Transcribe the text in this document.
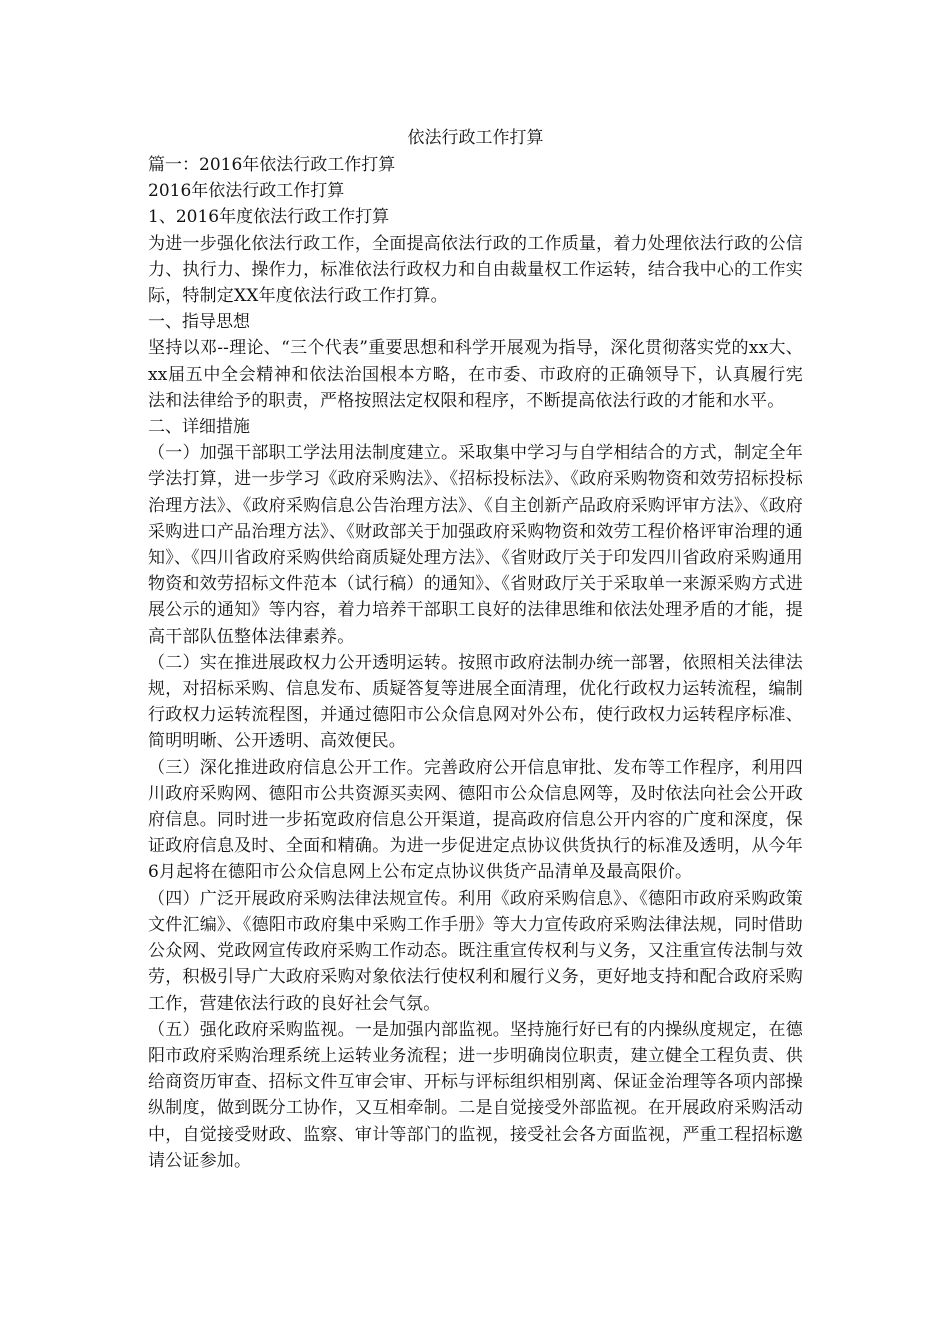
依法行政工作打算

篇一：2016年依法行政工作打算

2016年依法行政工作打算

1、2016年度依法行政工作打算

为进一步强化依法行政工作，全面提高依法行政的工作质量，着力处理依法行政的公信力、执行力、操作力，标准依法行政权力和自由裁量权工作运转，结合我中心的工作实际，特制定XX年度依法行政工作打算。

一、指导思想

坚持以邓--理论、“三个代表”重要思想和科学开展观为指导，深化贯彻落实党的xx大、xx届五中全会精神和依法治国根本方略，在市委、市政府的正确领导下，认真履行宪法和法律给予的职责，严格按照法定权限和程序，不断提高依法行政的才能和水平。

二、详细措施

（一）加强干部职工学法用法制度建立。采取集中学习与自学相结合的方式，制定全年学法打算，进一步学习《政府采购法》、《招标投标法》、《政府采购物资和效劳招标投标治理方法》、《政府采购信息公告治理方法》、《自主创新产品政府采购评审方法》、《政府采购进口产品治理方法》、《财政部关于加强政府采购物资和效劳工程价格评审治理的通知》、《四川省政府采购供给商质疑处理方法》、《省财政厅关于印发四川省政府采购通用物资和效劳招标文件范本（试行稿）的通知》、《省财政厅关于采取单一来源采购方式进展公示的通知》等内容，着力培养干部职工良好的法律思维和依法处理矛盾的才能，提高干部队伍整体法律素养。

（二）实在推进展政权力公开透明运转。按照市政府法制办统一部署，依照相关法律法规，对招标采购、信息发布、质疑答复等进展全面清理，优化行政权力运转流程，编制行政权力运转流程图，并通过德阳市公众信息网对外公布，使行政权力运转程序标准、简明明晰、公开透明、高效便民。

（三）深化推进政府信息公开工作。完善政府公开信息审批、发布等工作程序，利用四川政府采购网、德阳市公共资源买卖网、德阳市公众信息网等，及时依法向社会公开政府信息。同时进一步拓宽政府信息公开渠道，提高政府信息公开内容的广度和深度，保证政府信息及时、全面和精确。为进一步促进定点协议供货执行的标准及透明，从今年6月起将在德阳市公众信息网上公布定点协议供货产品清单及最高限价。

（四）广泛开展政府采购法律法规宣传。利用《政府采购信息》、《德阳市政府采购政策文件汇编》、《德阳市政府集中采购工作手册》等大力宣传政府采购法律法规，同时借助公众网、党政网宣传政府采购工作动态。既注重宣传权利与义务，又注重宣传法制与效劳，积极引导广大政府采购对象依法行使权利和履行义务，更好地支持和配合政府采购工作，营建依法行政的良好社会气氛。

（五）强化政府采购监视。一是加强内部监视。坚持施行好已有的内操纵度规定，在德阳市政府采购治理系统上运转业务流程；进一步明确岗位职责，建立健全工程负责、供给商资历审查、招标文件互审会审、开标与评标组织相别离、保证金治理等各项内部操纵制度，做到既分工协作，又互相牵制。二是自觉接受外部监视。在开展政府采购活动中，自觉接受财政、监察、审计等部门的监视，接受社会各方面监视，严重工程招标邀请公证参加。
